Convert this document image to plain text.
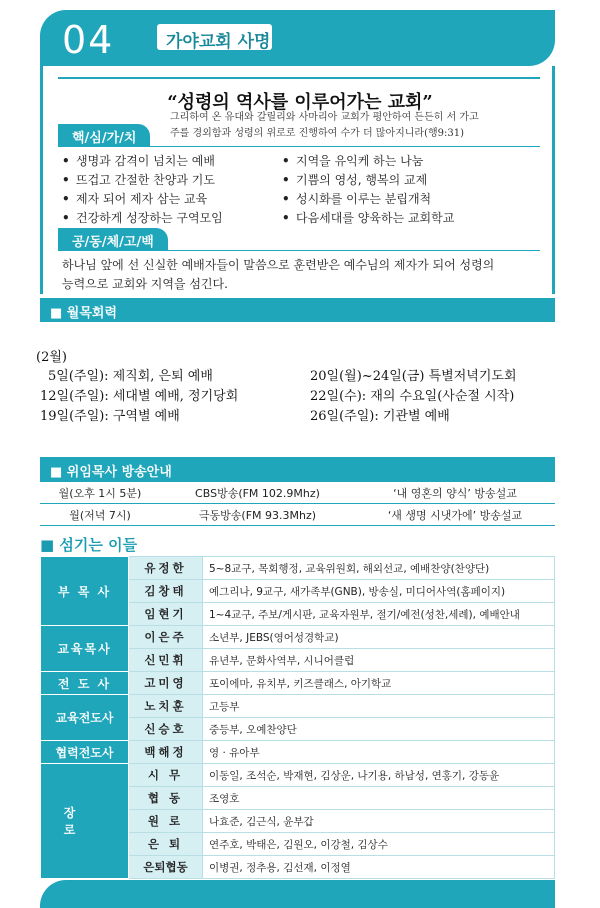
04	가야교회 사명
“성령의 역사를 이루어가는 교회”
그리하여 온 유대와 갈릴리와 사마리아 교회가 평안하여 든든히 서 가고
주를 경외함과 성령의 위로로 진행하여 수가 더 많아지니라(행9:31)
핵/심/가/치
• 생명과 감격이 넘치는 예배
• 뜨겁고 간절한 찬양과 기도
• 제자 되어 제자 삼는 교육
• 건강하게 성장하는 구역모임
• 지역을 유익케 하는 나눔
• 기쁨의 영성, 행복의 교제
• 성시화를 이루는 분립개척
• 다음세대를 양육하는 교회학교
공/동/체/고/백
하나님 앞에 선 신실한 예배자들이 말씀으로 훈련받은 예수님의 제자가 되어 성령의
능력으로 교회와 지역을 섬긴다.
■ 월목회력
(2월)
5일(주일): 제직회, 은퇴 예배
12일(주일): 세대별 예배, 정기당회
19일(주일): 구역별 예배
20일(월)~24일(금) 특별저녁기도회
22일(수): 재의 수요일(사순절 시작)
26일(주일): 기관별 예배
■ 위임목사 방송안내
월(오후 1시 5분)	CBS방송(FM 102.9Mhz)	‘내 영혼의 양식’ 방송설교
월(저녁 7시)	극동방송(FM 93.3Mhz)	‘새 생명 시냇가에’ 방송설교
■ 섬기는 이들
부 목 사	유정한	5~8교구, 목회행정, 교육위원회, 해외선교, 예배찬양(찬양단)
	김창태	예그리나, 9교구, 새가족부(GNB), 방송실, 미디어사역(홈페이지)
	임현기	1~4교구, 주보/게시판, 교육자원부, 절기/예전(성찬,세례), 예배안내
교육목사	이은주	소년부, JEBS(영어성경학교)
	신민휘	유년부, 문화사역부, 시니어클럽
전 도 사	고미영	포이에마, 유치부, 키즈클래스, 아기학교
교육전도사	노치훈	고등부
	신승호	중등부, 오예찬양단
협력전도사	백해정	영 · 유아부
장 로	시 무	이동일, 조석순, 박재현, 김상운, 나기용, 하남성, 연홍기, 강동윤
	협 동	조영호
	원 로	나효준, 김근식, 윤부갑
	은 퇴	연주호, 박태은, 김원오, 이강철, 김상수
	은퇴협동	이병권, 정추용, 김선재, 이정열
